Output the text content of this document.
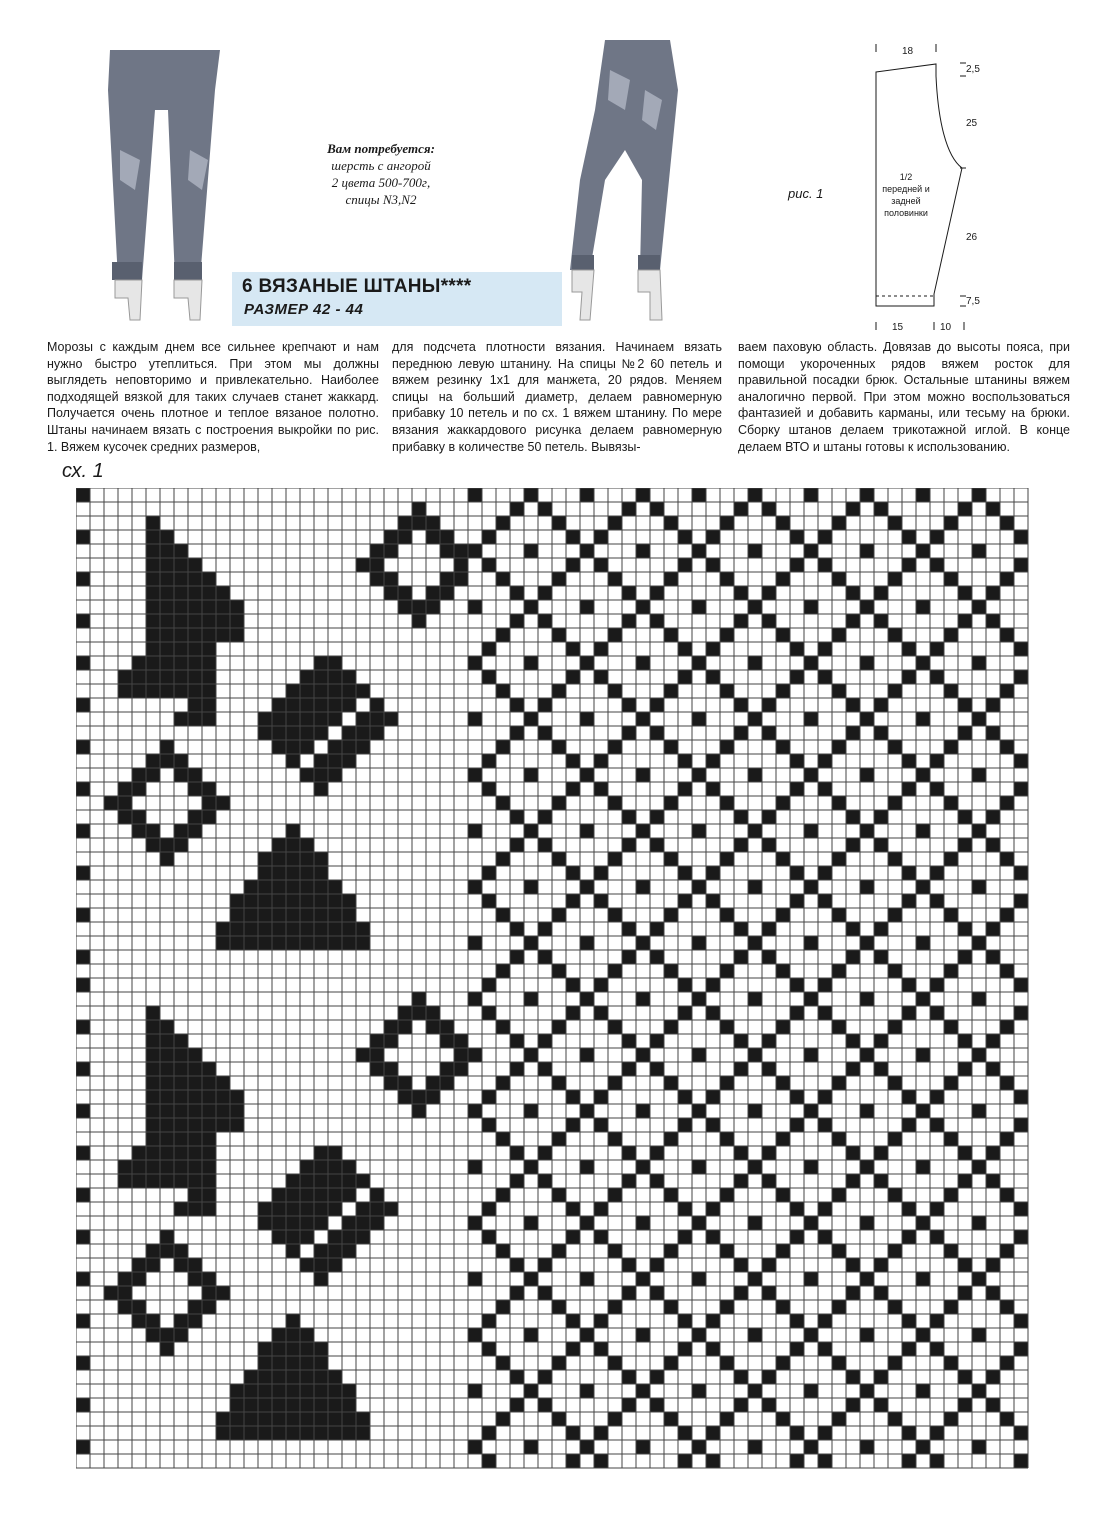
Вам потребуется:
шерсть с ангорой
2 цвета 500-700г,
спицы N3,N2
6 ВЯЗАНЫЕ ШТАНЫ****
РАЗМЕР 42 - 44
рис. 1
18
2,5
25
26
7,5
15	10
1/2
передней и
задней
половинки
Морозы с каждым днем все сильнее крепчают и нам нужно быстро утеплиться. При этом мы должны выглядеть неповторимо и привлекательно. Наиболее подходящей вязкой для таких случаев станет жаккард. Получается очень плотное и теплое вязаное полотно. Штаны начинаем вязать с построения выкройки по рис. 1. Вяжем кусочек средних размеров,
для подсчета плотности вязания. Начинаем вязать переднюю левую штанину. На спицы №2 60 петель и вяжем резинку 1х1 для манжета, 20 рядов. Меняем спицы на больший диаметр, делаем равномерную прибавку 10 петель и по сх. 1 вяжем штанину. По мере вязания жаккардового рисунка делаем равномерную прибавку в количестве 50 петель. Вывязы-
ваем паховую область. Довязав до высоты пояса, при помощи укороченных рядов вяжем росток для правильной посадки брюк. Остальные штанины вяжем аналогично первой. При этом можно воспользоваться фантазией и добавить карманы, или тесьму на брюки. Сборку штанов делаем трикотажной иглой. В конце делаем ВТО и штаны готовы к использованию.
сх. 1
